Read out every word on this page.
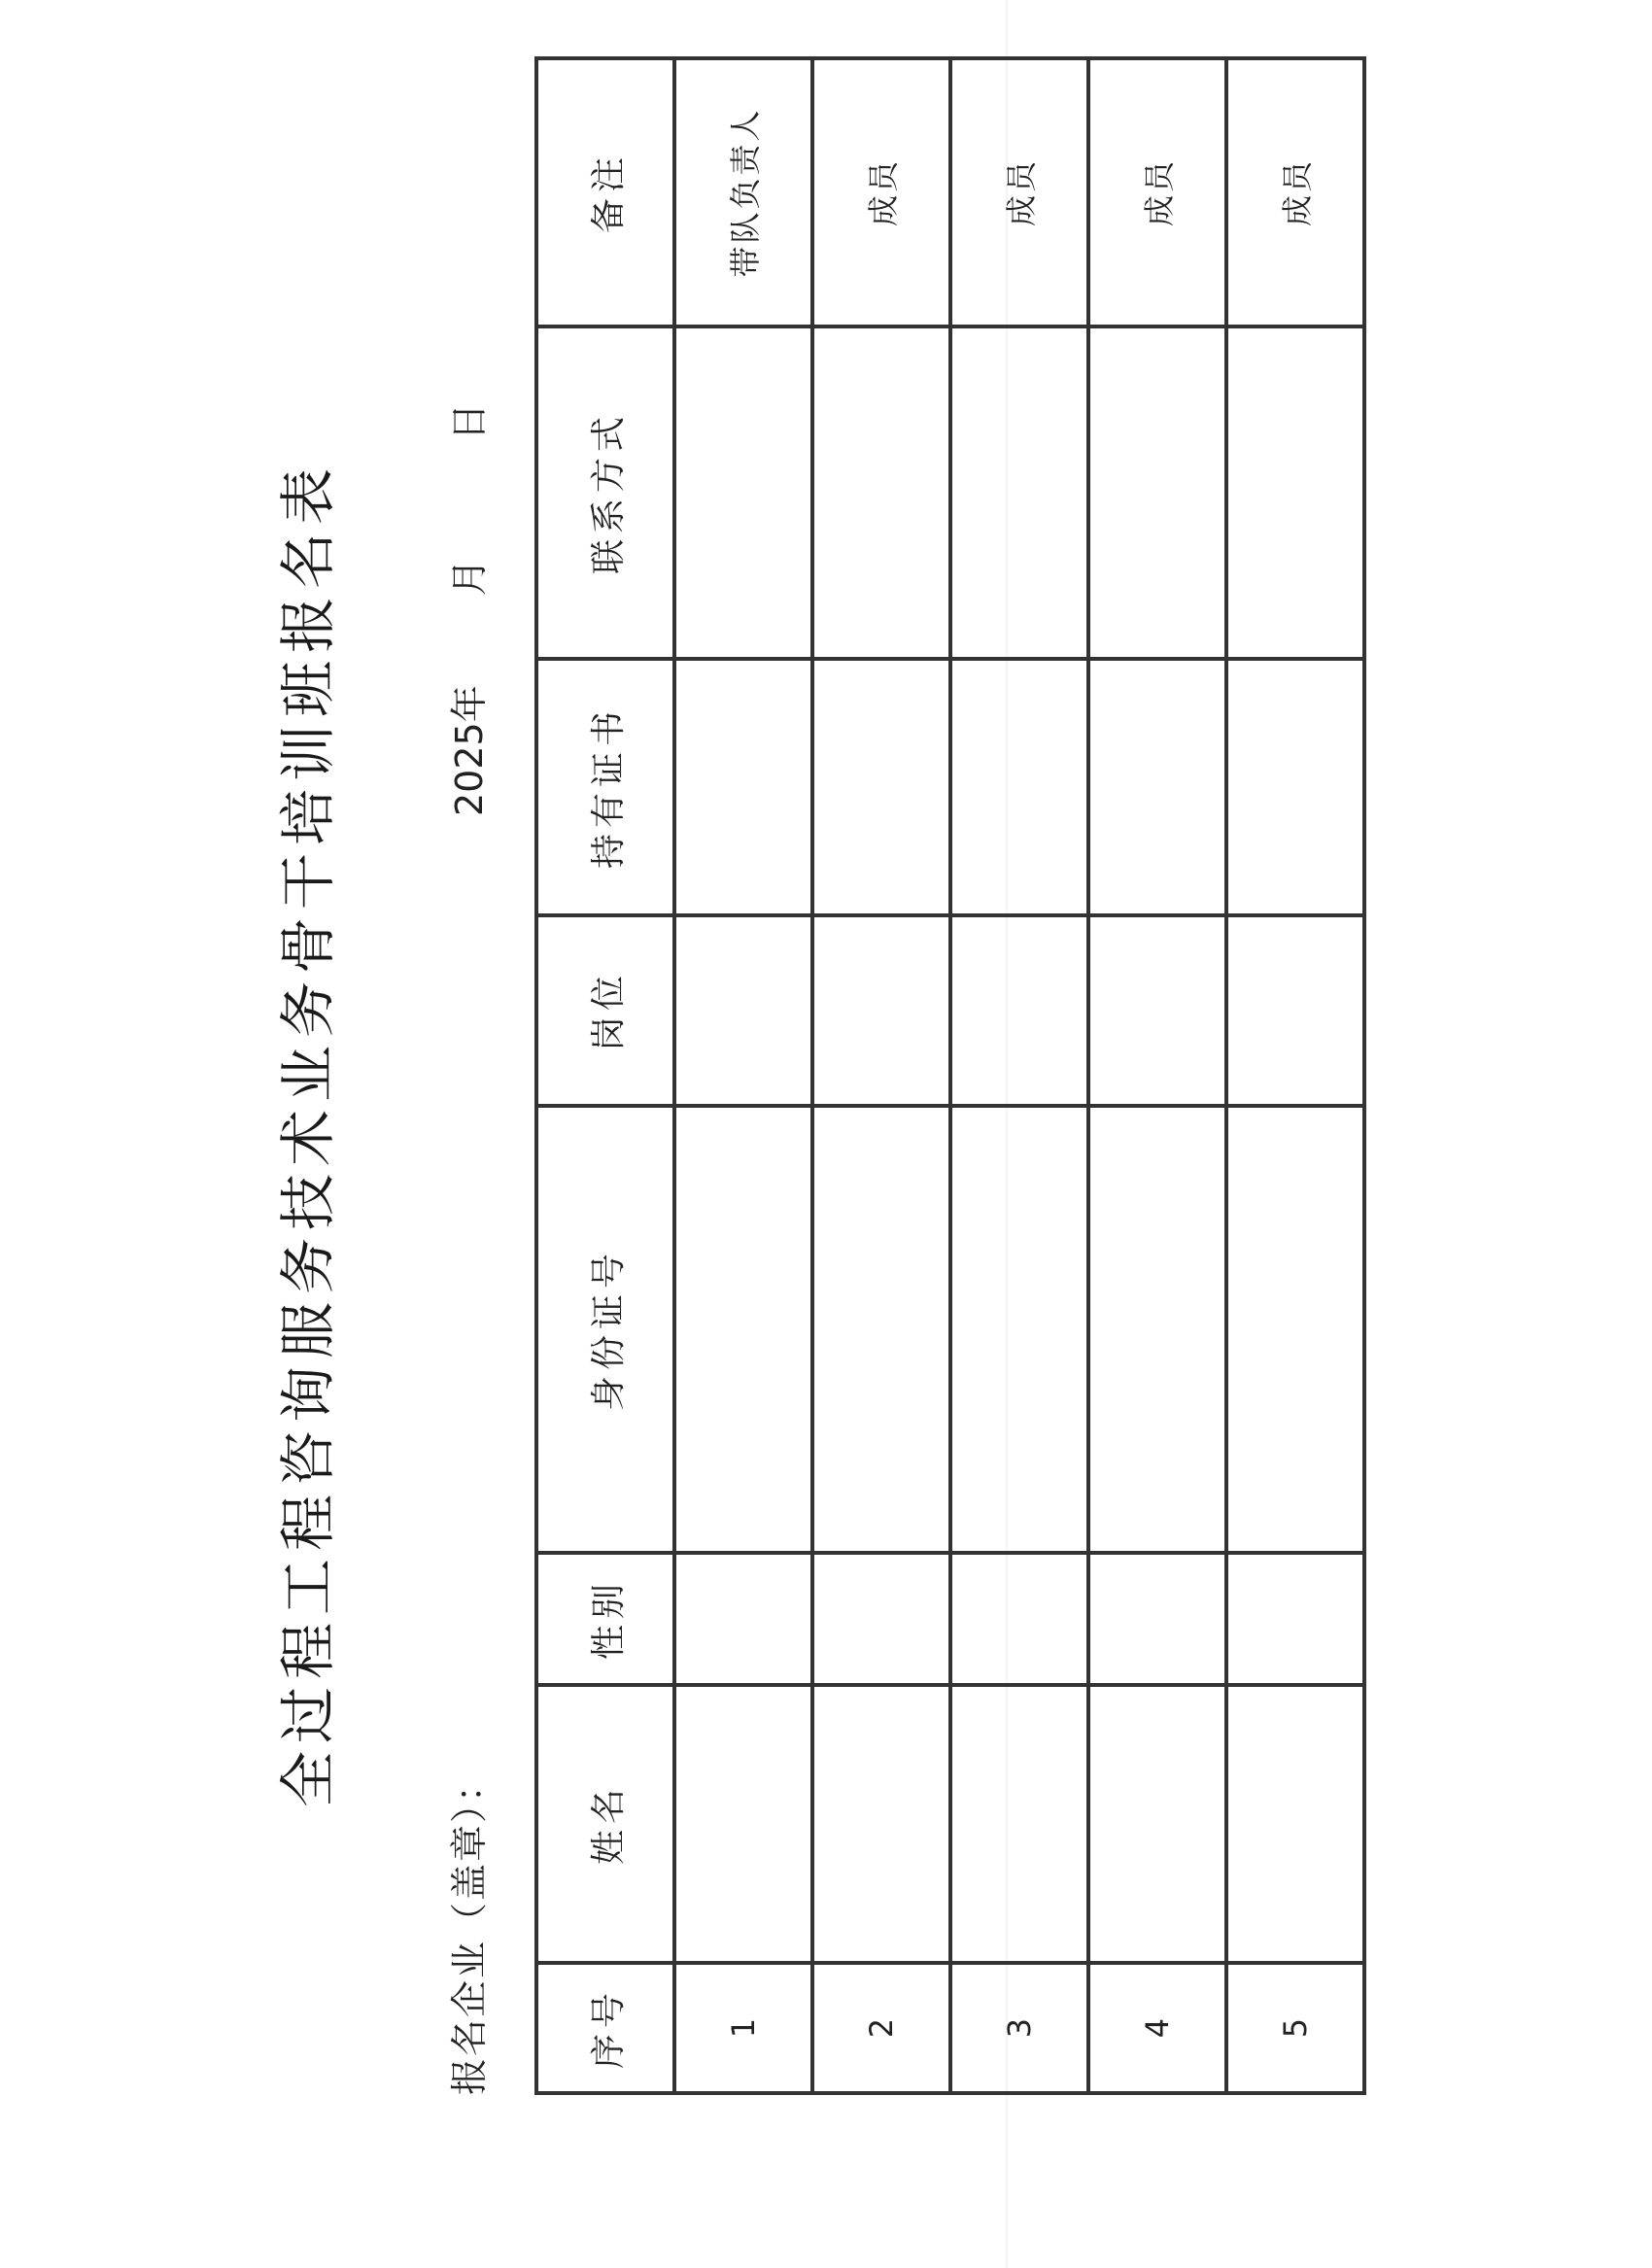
全过程工程咨询服务技术业务骨干培训班报名表
报名企业（盖章）：
2025年 月 日
序号	姓名	性别	身份证号	岗位	持有证书	联系方式	备注
1							带队负责人
2							成员
3							成员
4							成员
5							成员
